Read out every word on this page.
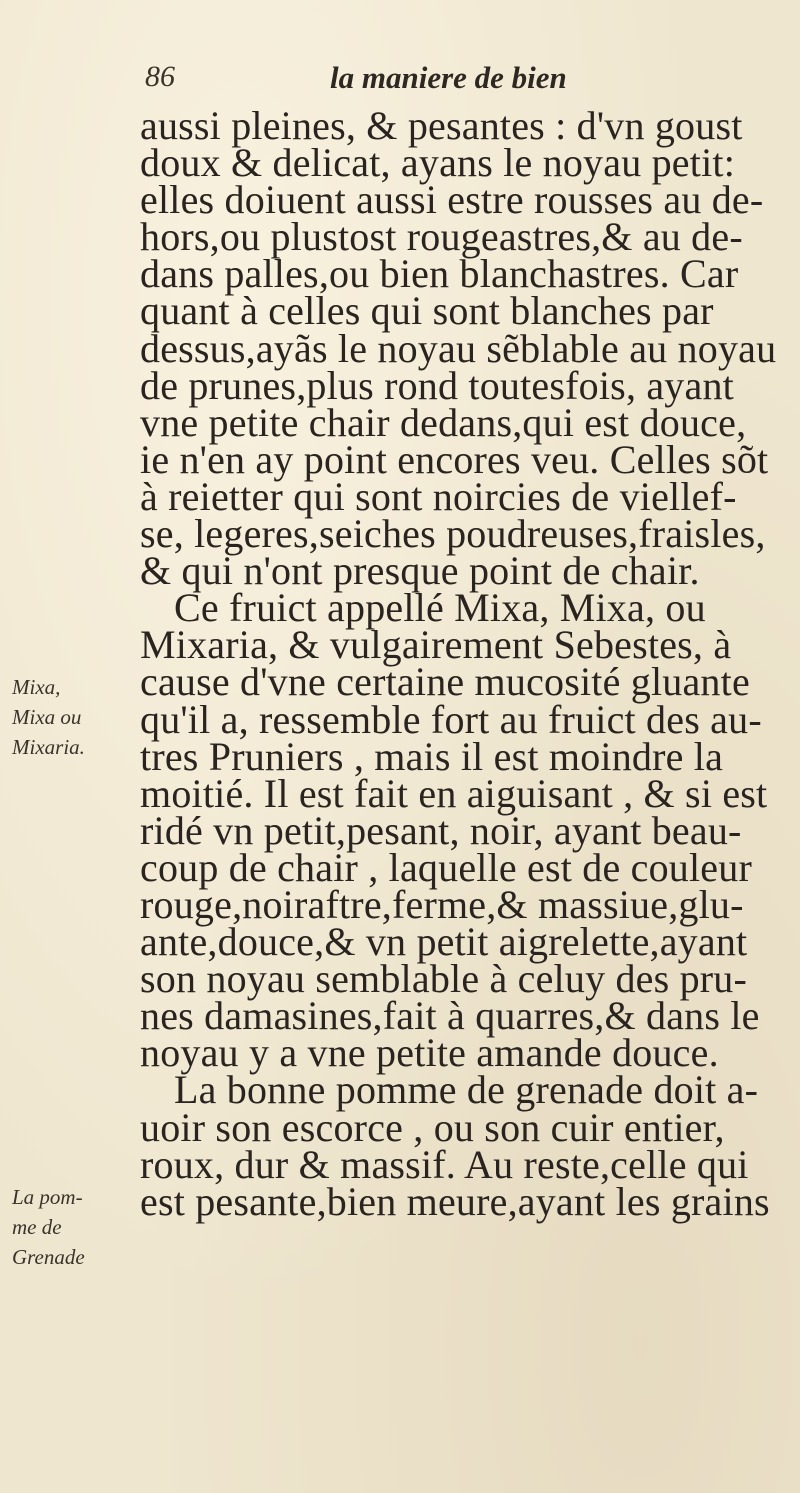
86	la maniere de bien
aussi pleines, & pesantes : d'vn goust
doux & delicat, ayans le noyau petit:
elles doiuent aussi estre rousses au de-
hors,ou plustost rougeastres,& au de-
dans palles,ou bien blanchastres. Car
quant à celles qui sont blanches par
dessus,ayãs le noyau sẽblable au noyau
de prunes,plus rond toutesfois, ayant
vne petite chair dedans,qui est douce,
ie n'en ay point encores veu. Celles sõt
à reietter qui sont noircies de viellef-
se, legeres,seiches poudreuses,fraisles,
& qui n'ont presque point de chair.
Ce fruict appellé Mixa, Mixa, ou
Mixaria, & vulgairement Sebestes, à
cause d'vne certaine mucosité gluante
qu'il a, ressemble fort au fruict des au-
tres Pruniers , mais il est moindre la
moitié. Il est fait en aiguisant , & si est
ridé vn petit,pesant, noir, ayant beau-
coup de chair , laquelle est de couleur
rouge,noiraftre,ferme,& massiue,glu-
ante,douce,& vn petit aigrelette,ayant
son noyau semblable à celuy des pru-
nes damasines,fait à quarres,& dans le
noyau y a vne petite amande douce.
La bonne pomme de grenade doit a-
uoir son escorce , ou son cuir entier,
roux, dur & massif. Au reste,celle qui
est pesante,bien meure,ayant les grains
Mixa,
Mixa ou
Mixaria.
La pom-
me de
Grenade
